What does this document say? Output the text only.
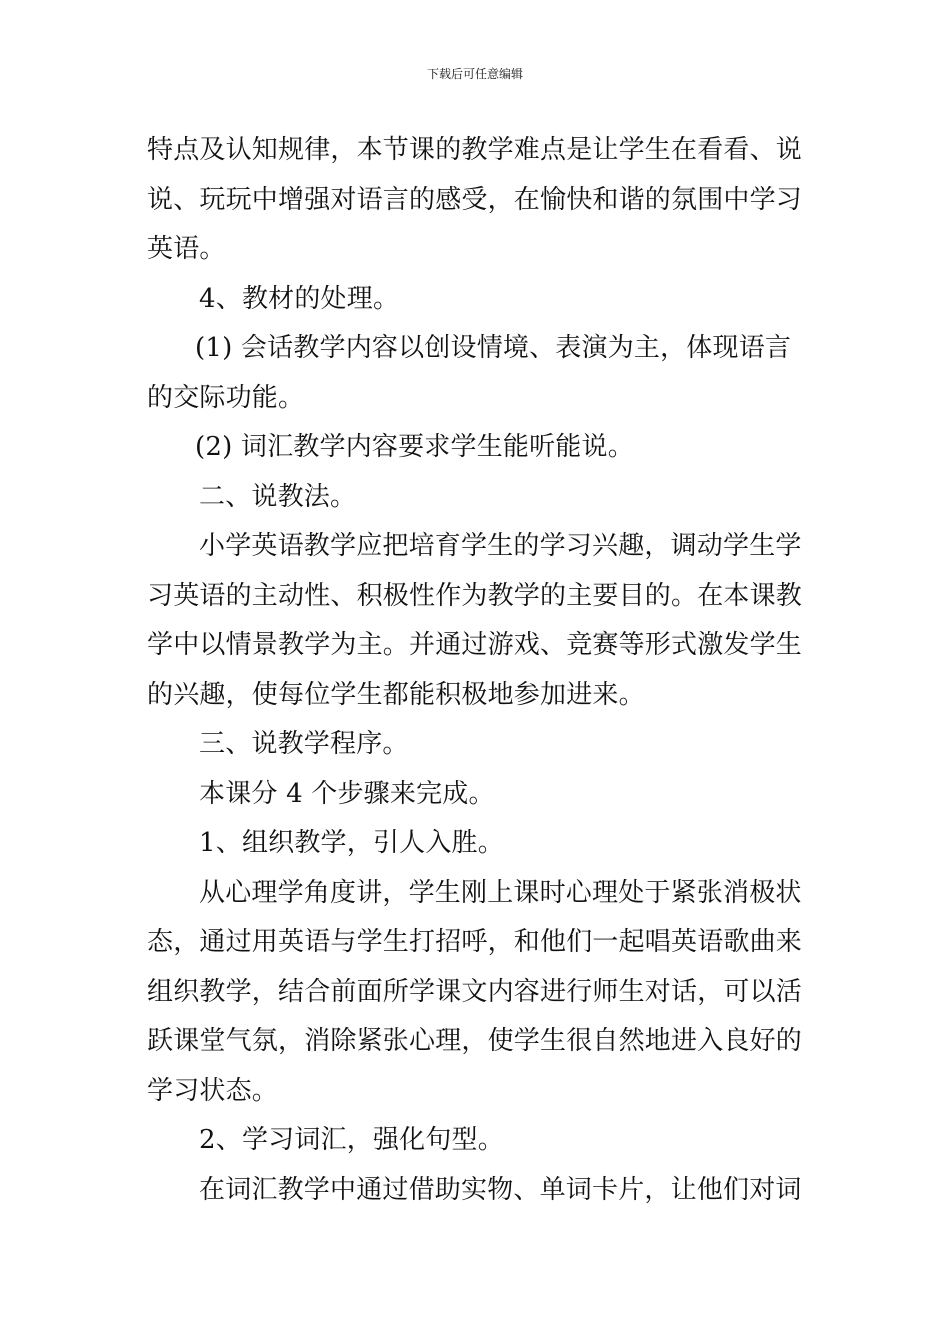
下载后可任意编辑
特点及认知规律，本节课的教学难点是让学生在看看、说
说、玩玩中增强对语言的感受，在愉快和谐的氛围中学习
英语。
4、教材的处理。
(1) 会话教学内容以创设情境、表演为主，体现语言
的交际功能。
(2) 词汇教学内容要求学生能听能说。
二、说教法。
小学英语教学应把培育学生的学习兴趣，调动学生学
习英语的主动性、积极性作为教学的主要目的。在本课教
学中以情景教学为主。并通过游戏、竞赛等形式激发学生
的兴趣，使每位学生都能积极地参加进来。
三、说教学程序。
本课分 4 个步骤来完成。
1、组织教学，引人入胜。
从心理学角度讲，学生刚上课时心理处于紧张消极状
态，通过用英语与学生打招呼，和他们一起唱英语歌曲来
组织教学，结合前面所学课文内容进行师生对话，可以活
跃课堂气氛，消除紧张心理，使学生很自然地进入良好的
学习状态。
2、学习词汇，强化句型。
在词汇教学中通过借助实物、单词卡片，让他们对词
